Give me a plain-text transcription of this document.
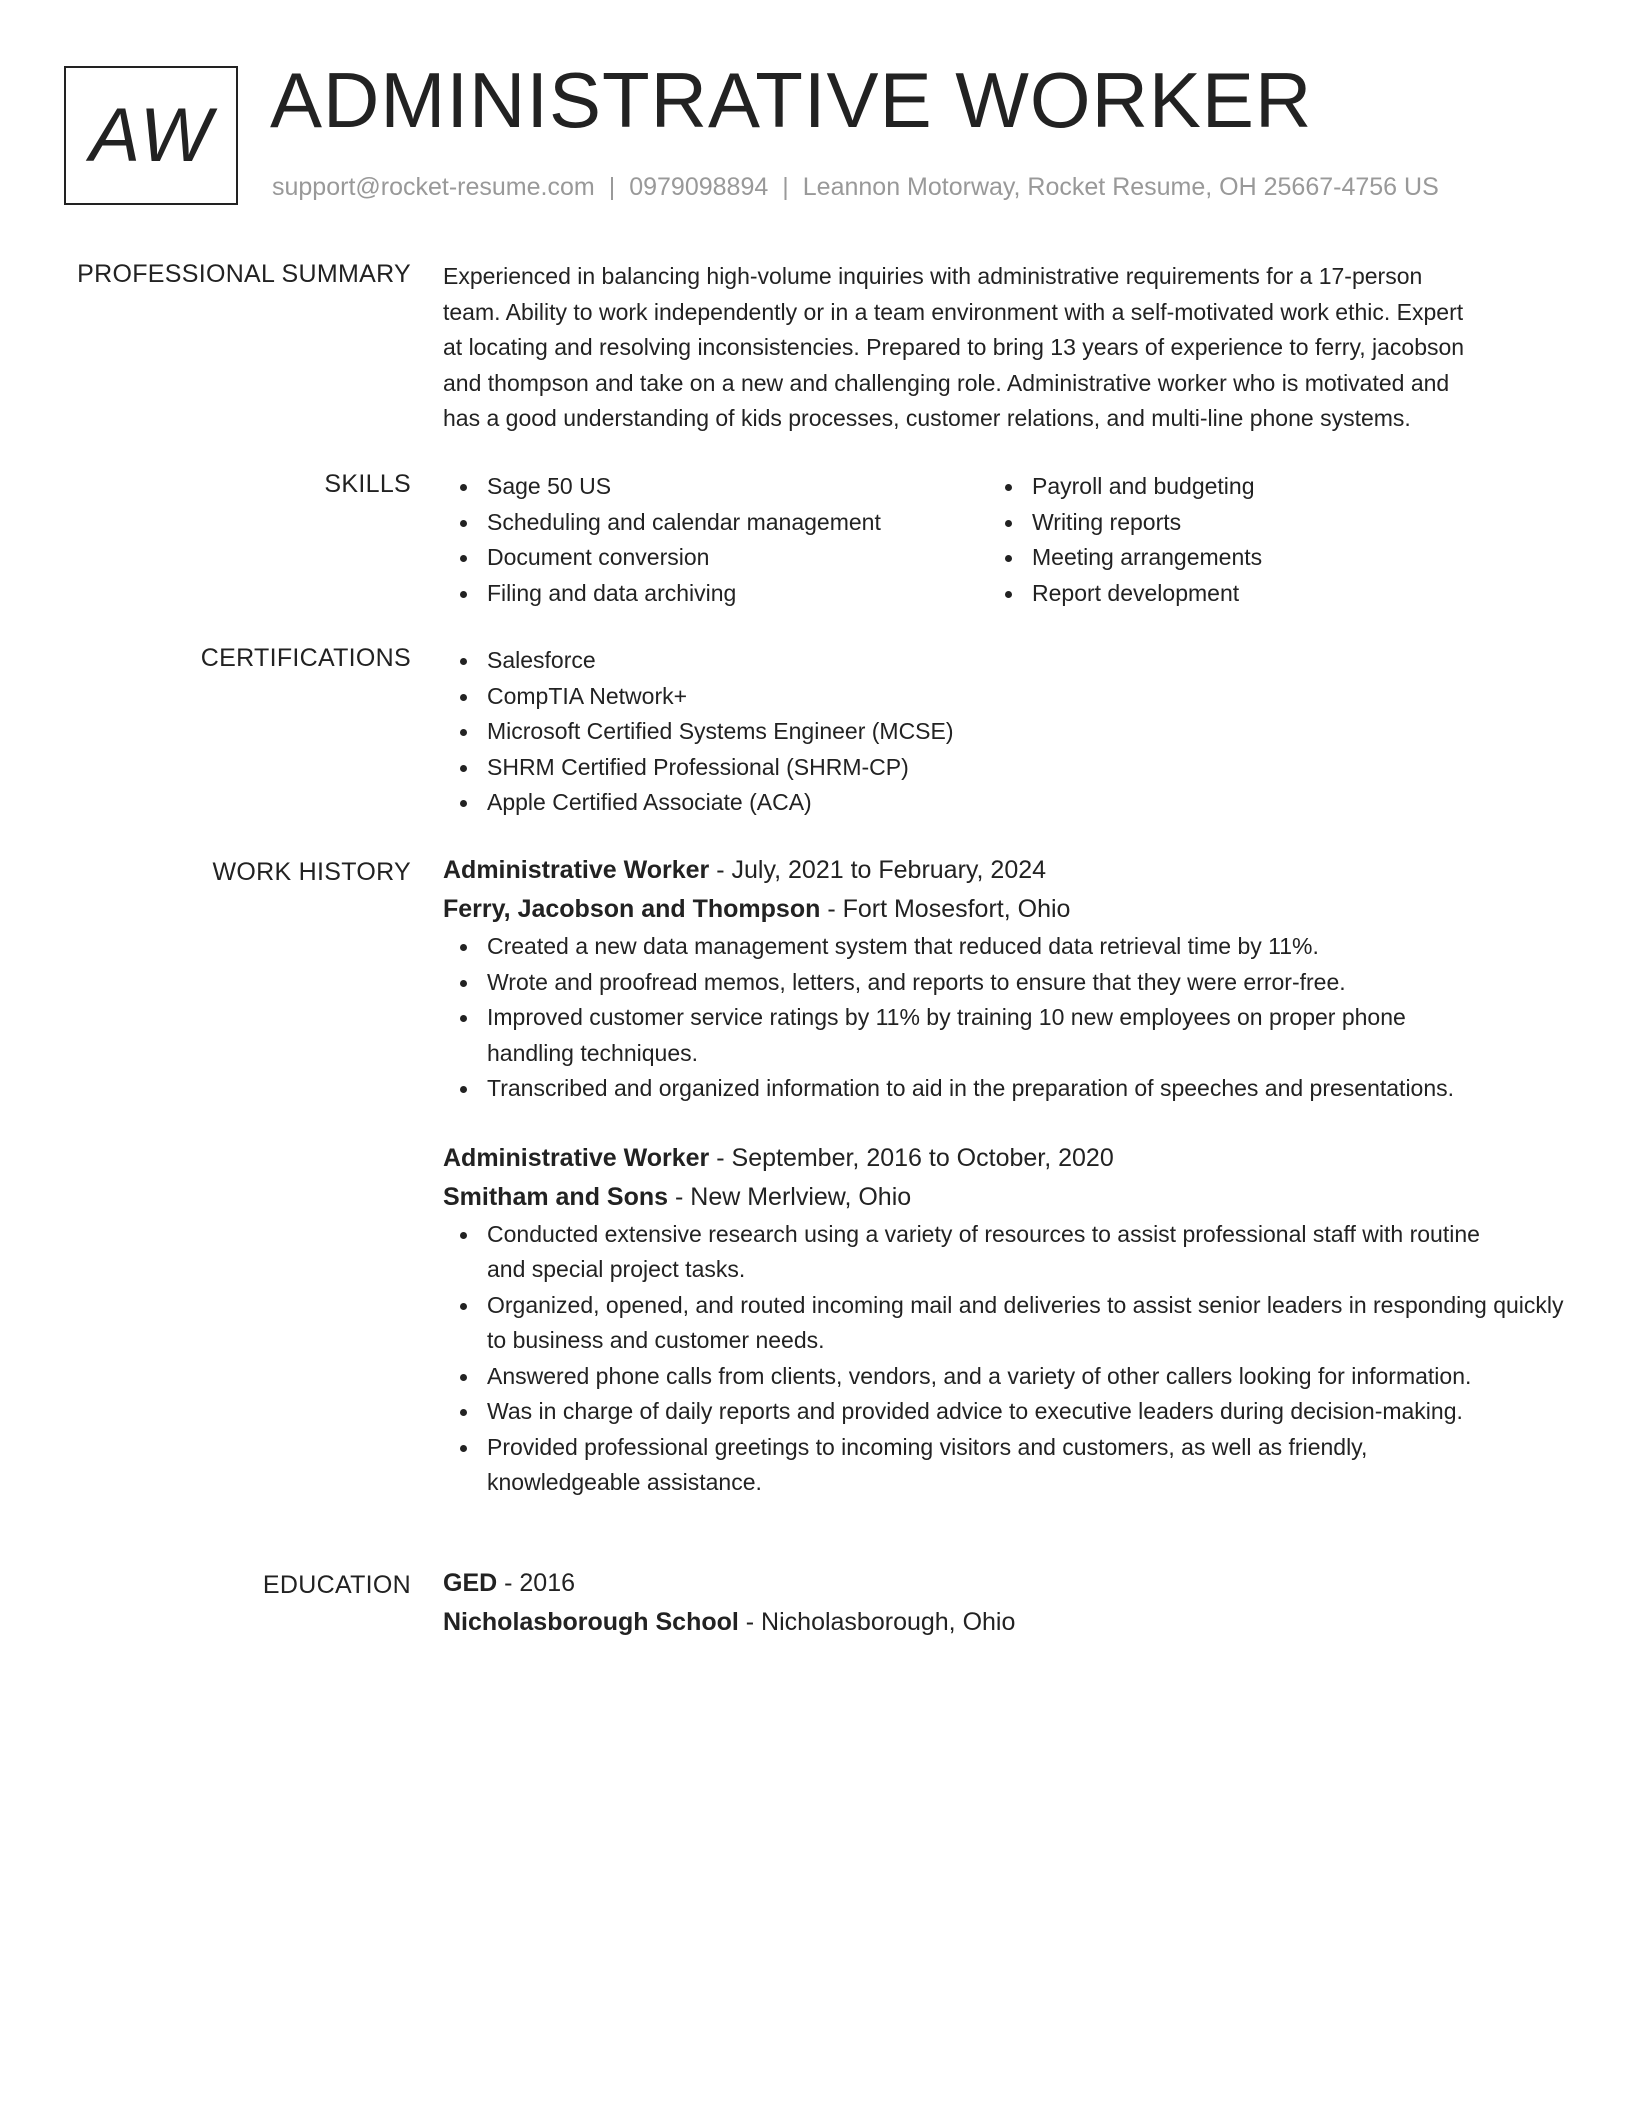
AW ADMINISTRATIVE WORKER
support@rocket-resume.com | 0979098894 | Leannon Motorway, Rocket Resume, OH 25667-4756 US
PROFESSIONAL SUMMARY Experienced in balancing high-volume inquiries with administrative requirements for a 17-person
team. Ability to work independently or in a team environment with a self-motivated work ethic. Expert
at locating and resolving inconsistencies. Prepared to bring 13 years of experience to ferry, jacobson
and thompson and take on a new and challenging role. Administrative worker who is motivated and
has a good understanding of kids processes, customer relations, and multi-line phone systems.
SKILLS	Sage 50 US
Scheduling and calendar management
Document conversion
Filing and data archiving
Payroll and budgeting
Writing reports
Meeting arrangements
Report development
CERTIFICATIONS	Salesforce
CompTIA Network+
Microsoft Certified Systems Engineer (MCSE)
SHRM Certified Professional (SHRM-CP)
Apple Certified Associate (ACA)
WORK HISTORY Administrative Worker - July, 2021 to February, 2024
Ferry, Jacobson and Thompson - Fort Mosesfort, Ohio
Created a new data management system that reduced data retrieval time by 11%.
Wrote and proofread memos, letters, and reports to ensure that they were error-free.
Improved customer service ratings by 11% by training 10 new employees on proper phone handling techniques.
Transcribed and organized information to aid in the preparation of speeches and presentations.
Administrative Worker - September, 2016 to October, 2020
Smitham and Sons - New Merlview, Ohio
Conducted extensive research using a variety of resources to assist professional staff with routine and special project tasks.
Organized, opened, and routed incoming mail and deliveries to assist senior leaders in responding quickly to business and customer needs.
Answered phone calls from clients, vendors, and a variety of other callers looking for information.
Was in charge of daily reports and provided advice to executive leaders during decision-making.
Provided professional greetings to incoming visitors and customers, as well as friendly, knowledgeable assistance.
EDUCATION GED - 2016
Nicholasborough School - Nicholasborough, Ohio
